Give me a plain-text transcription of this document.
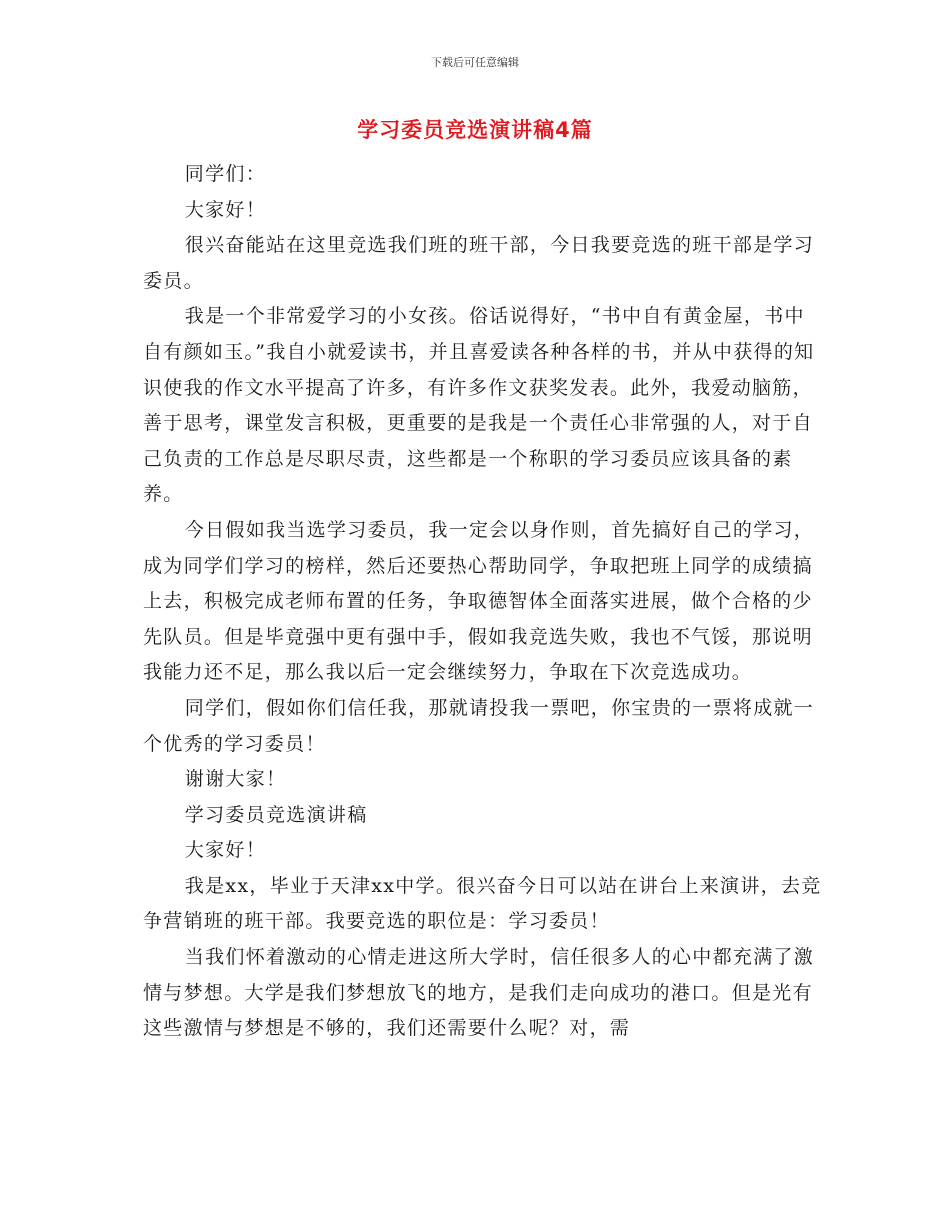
下载后可任意编辑
学习委员竞选演讲稿4篇

同学们：

大家好！

很兴奋能站在这里竞选我们班的班干部，今日我要竞选的班干部是学习委员。

我是一个非常爱学习的小女孩。俗话说得好，“书中自有黄金屋，书中自有颜如玉。”我自小就爱读书，并且喜爱读各种各样的书，并从中获得的知识使我的作文水平提高了许多，有许多作文获奖发表。此外，我爱动脑筋，善于思考，课堂发言积极，更重要的是我是一个责任心非常强的人，对于自己负责的工作总是尽职尽责，这些都是一个称职的学习委员应该具备的素养。

今日假如我当选学习委员，我一定会以身作则，首先搞好自己的学习，成为同学们学习的榜样，然后还要热心帮助同学，争取把班上同学的成绩搞上去，积极完成老师布置的任务，争取德智体全面落实进展，做个合格的少先队员。但是毕竟强中更有强中手，假如我竞选失败，我也不气馁，那说明我能力还不足，那么我以后一定会继续努力，争取在下次竞选成功。

同学们，假如你们信任我，那就请投我一票吧，你宝贵的一票将成就一个优秀的学习委员！

谢谢大家！

学习委员竞选演讲稿

大家好！

我是xx，毕业于天津xx中学。很兴奋今日可以站在讲台上来演讲，去竞争营销班的班干部。我要竞选的职位是：学习委员！

当我们怀着激动的心情走进这所大学时，信任很多人的心中都充满了激情与梦想。大学是我们梦想放飞的地方，是我们走向成功的港口。但是光有这些激情与梦想是不够的，我们还需要什么呢？对，需
